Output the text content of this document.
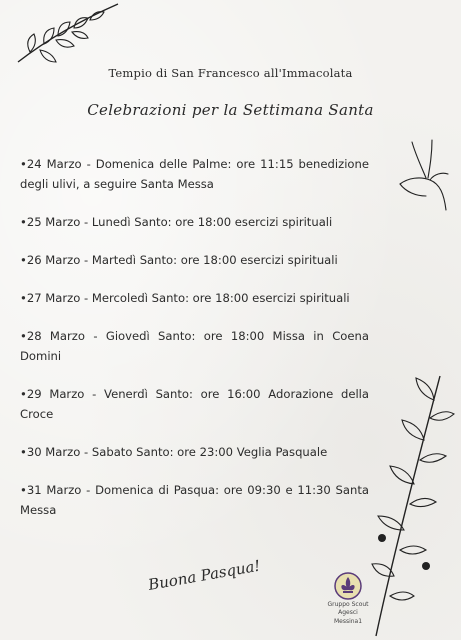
Tempio di San Francesco all'Immacolata
Celebrazioni per la Settimana Santa
•24 Marzo - Domenica delle Palme: ore 11:15 benedizione degli ulivi, a seguire Santa Messa
•25 Marzo - Lunedì Santo: ore 18:00 esercizi spirituali
•26 Marzo - Martedì Santo: ore 18:00 esercizi spirituali
•27 Marzo - Mercoledì Santo: ore 18:00 esercizi spirituali
•28 Marzo - Giovedì Santo: ore 18:00 Missa in Coena Domini
•29 Marzo - Venerdì Santo: ore 16:00 Adorazione della Croce
•30 Marzo - Sabato Santo: ore 23:00 Veglia Pasquale
•31 Marzo - Domenica di Pasqua: ore 09:30 e 11:30 Santa Messa
Buona Pasqua!
Gruppo Scout Agesci
Messina1
